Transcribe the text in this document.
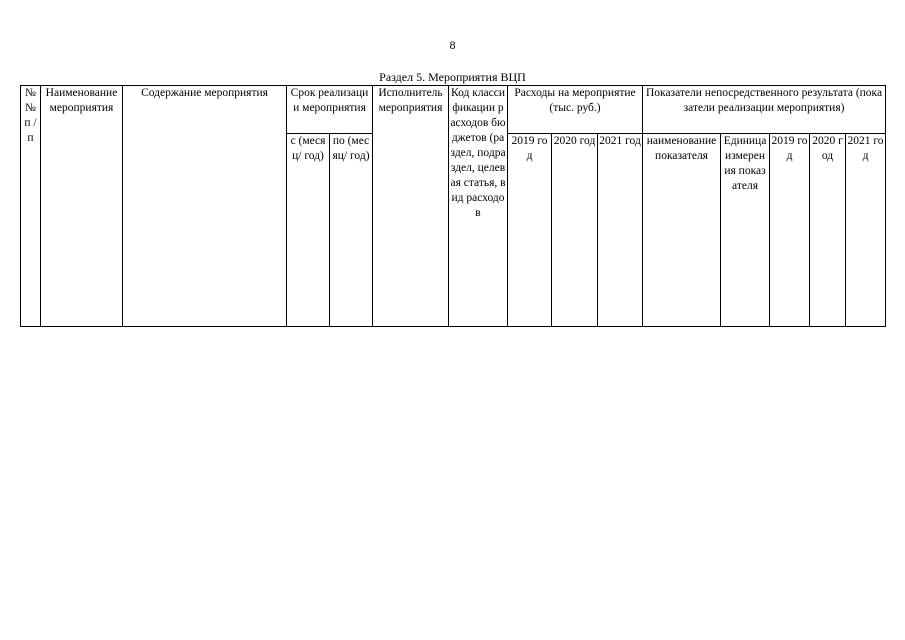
8
Раздел 5. Мероприятия ВЦП
№ № п / п	Наименование мероприятия	Содержание мероприятия	Срок реализации мероприятия		Исполнитель мероприятия	Код классификации расходов бюджетов (раздел, подраздел, целевая статья, вид расходов	Расходы на мероприятие (тыс. руб.)			Показатели непосредственного результата (показатели реализации мероприятия)				

			с (месяц/ год)	по (месяц/ год)			2019 год	2020 год	2021 год	наименование показателя	Единица измерения показателя	2019 год	2020 год	2021 год
